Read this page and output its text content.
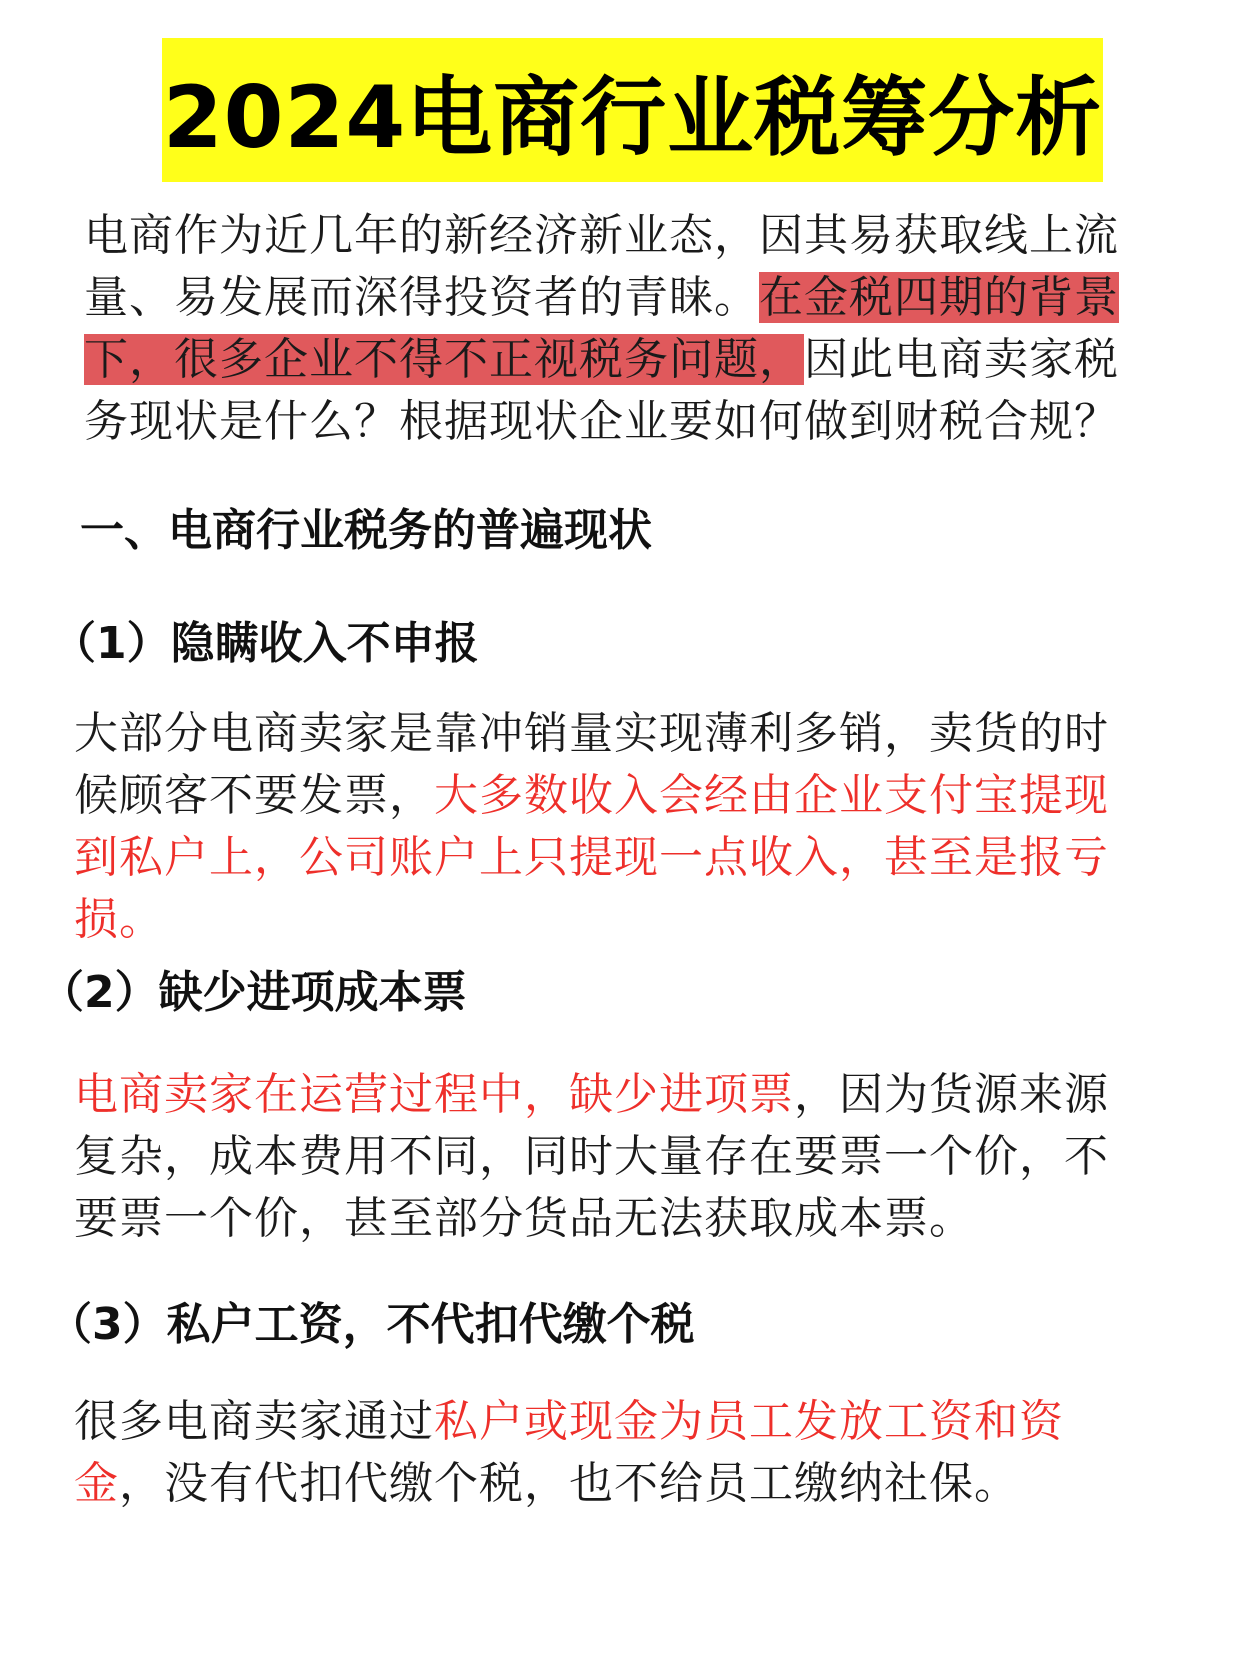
2024电商行业税筹分析

电商作为近几年的新经济新业态，因其易获取线上流量、易发展而深得投资者的青睐。在金税四期的背景下，很多企业不得不正视税务问题，因此电商卖家税务现状是什么？根据现状企业要如何做到财税合规？

一、电商行业税务的普遍现状
（1）隐瞒收入不申报

大部分电商卖家是靠冲销量实现薄利多销，卖货的时候顾客不要发票，大多数收入会经由企业支付宝提现到私户上，公司账户上只提现一点收入，甚至是报亏损。

（2）缺少进项成本票

电商卖家在运营过程中，缺少进项票，因为货源来源复杂，成本费用不同，同时大量存在要票一个价，不要票一个价，甚至部分货品无法获取成本票。

（3）私户工资，不代扣代缴个税

很多电商卖家通过私户或现金为员工发放工资和资金，没有代扣代缴个税，也不给员工缴纳社保。
